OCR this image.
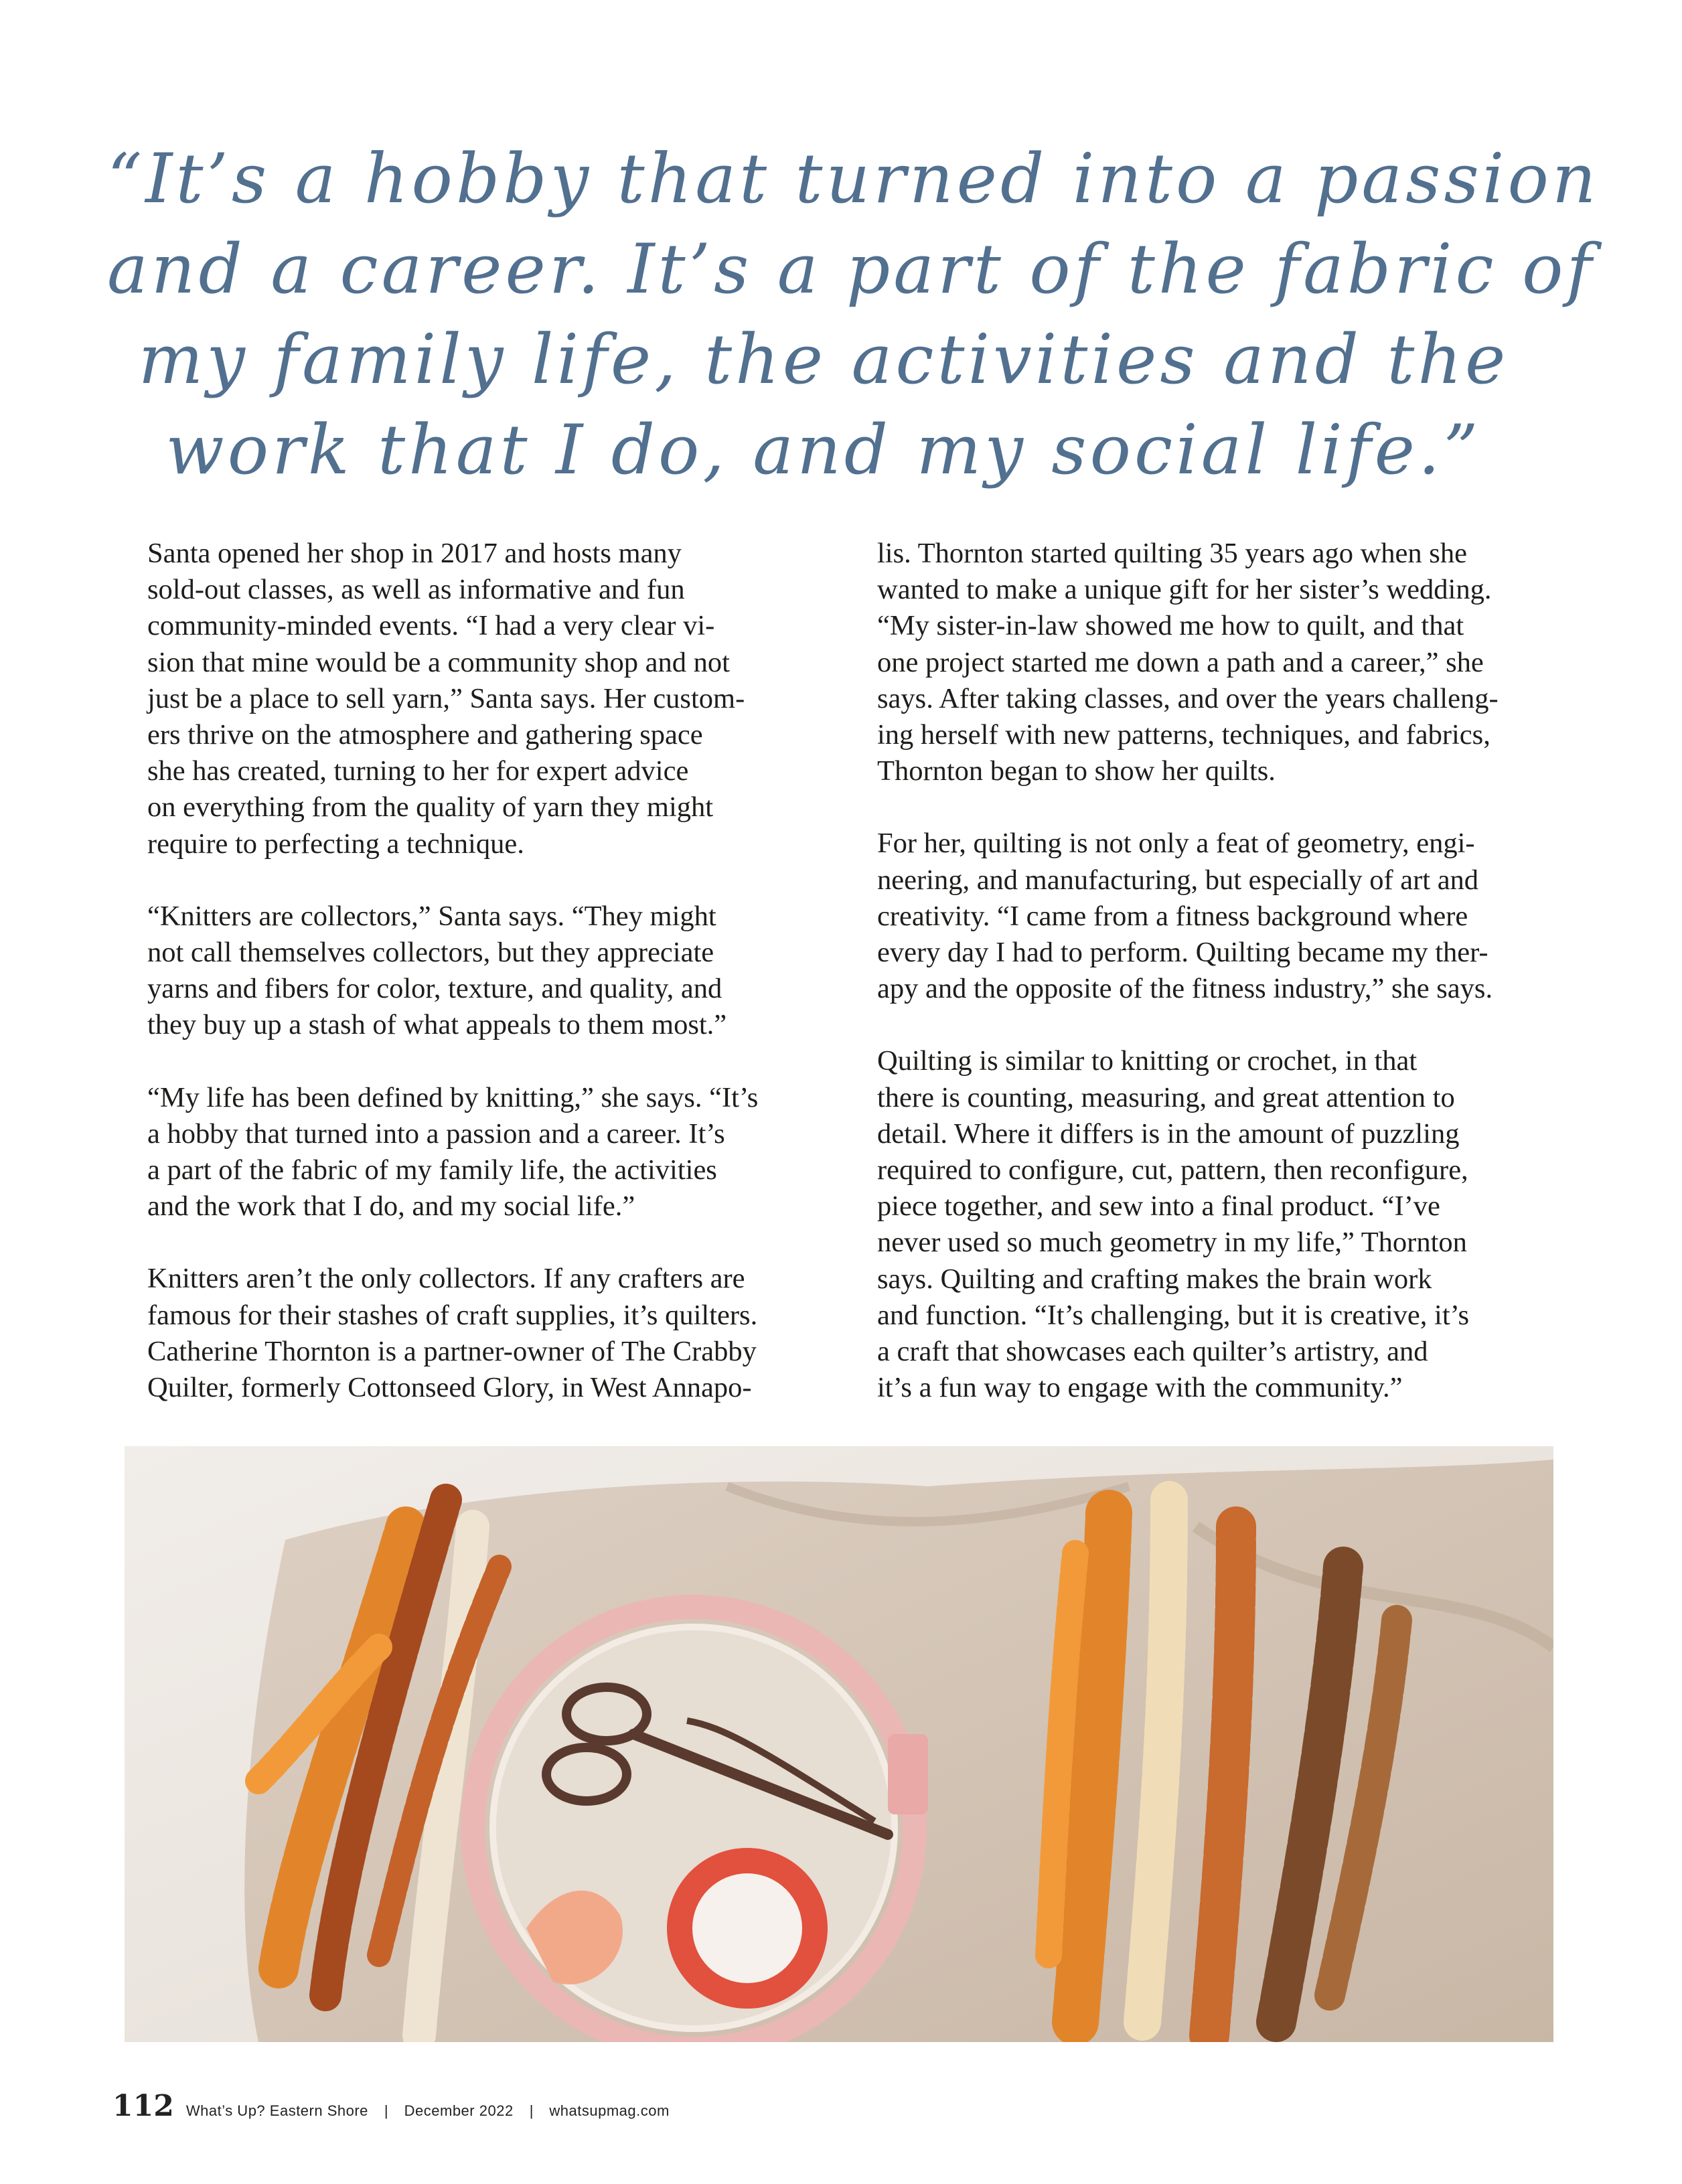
“It’s a hobby that turned into a passion
and a career. It’s a part of the fabric of
my family life, the activities and the
work that I do, and my social life.”

Santa opened her shop in 2017 and hosts many
sold-out classes, as well as informative and fun
community-minded events. “I had a very clear vi-
sion that mine would be a community shop and not
just be a place to sell yarn,” Santa says. Her custom-
ers thrive on the atmosphere and gathering space
she has created, turning to her for expert advice
on everything from the quality of yarn they might
require to perfecting a technique.

“Knitters are collectors,” Santa says. “They might
not call themselves collectors, but they appreciate
yarns and fibers for color, texture, and quality, and
they buy up a stash of what appeals to them most.”

“My life has been defined by knitting,” she says. “It’s
a hobby that turned into a passion and a career. It’s
a part of the fabric of my family life, the activities
and the work that I do, and my social life.”

Knitters aren’t the only collectors. If any crafters are
famous for their stashes of craft supplies, it’s quilters.
Catherine Thornton is a partner-owner of The Crabby
Quilter, formerly Cottonseed Glory, in West Annapo-

lis. Thornton started quilting 35 years ago when she
wanted to make a unique gift for her sister’s wedding.
“My sister-in-law showed me how to quilt, and that
one project started me down a path and a career,” she
says. After taking classes, and over the years challeng-
ing herself with new patterns, techniques, and fabrics,
Thornton began to show her quilts.

For her, quilting is not only a feat of geometry, engi-
neering, and manufacturing, but especially of art and
creativity. “I came from a fitness background where
every day I had to perform. Quilting became my ther-
apy and the opposite of the fitness industry,” she says.

Quilting is similar to knitting or crochet, in that
there is counting, measuring, and great attention to
detail. Where it differs is in the amount of puzzling
required to configure, cut, pattern, then reconfigure,
piece together, and sew into a final product. “I’ve
never used so much geometry in my life,” Thornton
says. Quilting and crafting makes the brain work
and function. “It’s challenging, but it is creative, it’s
a craft that showcases each quilter’s artistry, and
it’s a fun way to engage with the community.”

112 What’s Up? Eastern Shore | December 2022 | whatsupmag.com
